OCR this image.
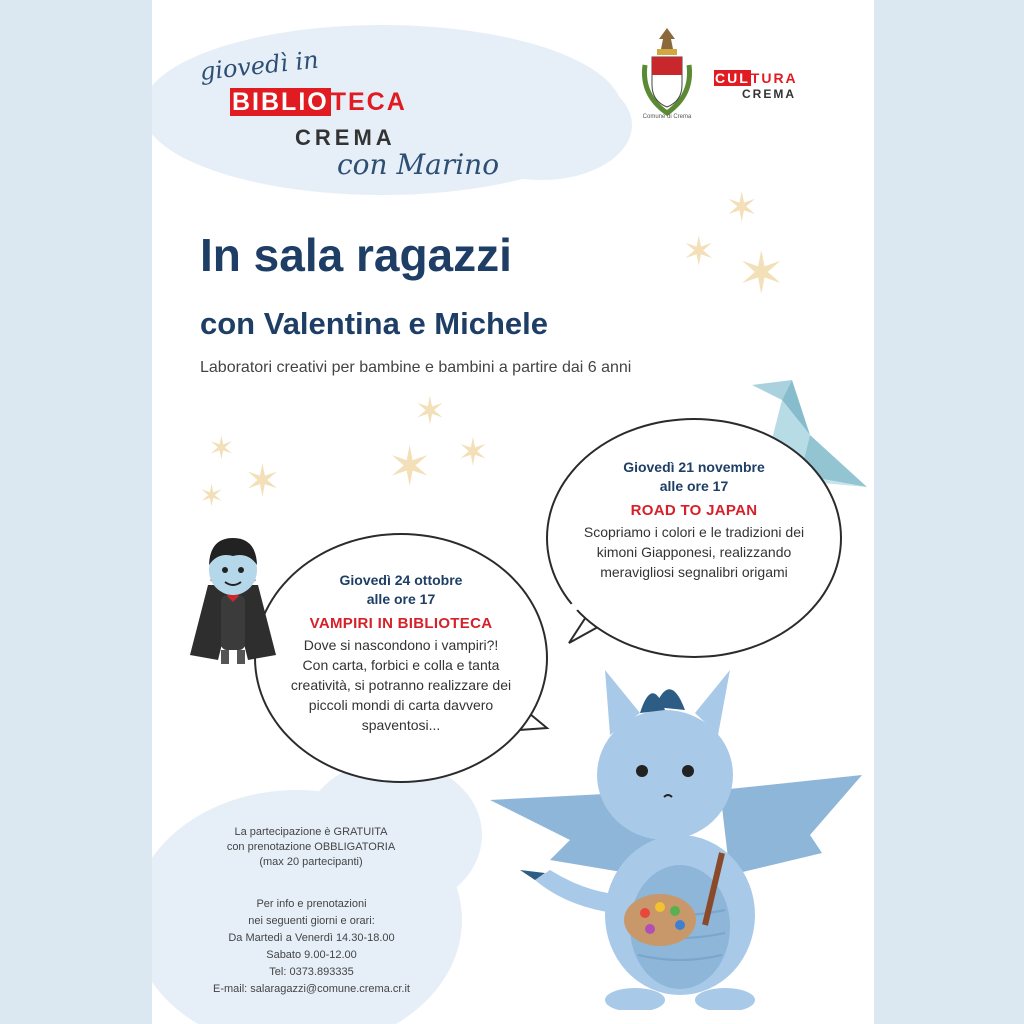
giovedì in
BIBLIOTECA
CREMA
con Marino
Comune di Crema
CULTURA
CREMA
✶
✶ ✶
✶
✶	✶ ✶
✶
✶
In sala ragazzi
con Valentina e Michele
Laboratori creativi per bambine e bambini a partire dai 6 anni
Giovedì 21 novembre
alle ore 17
ROAD TO JAPAN
Scopriamo i colori e le tradizioni dei
kimoni Giapponesi, realizzando
meravigliosi segnalibri origami
Giovedì 24 ottobre
alle ore 17
VAMPIRI IN BIBLIOTECA
Dove si nascondono i vampiri?!
Con carta, forbici e colla e tanta
creatività, si potranno realizzare dei
piccoli mondi di carta davvero
spaventosi...
La partecipazione è GRATUITA
con prenotazione OBBLIGATORIA
(max 20 partecipanti)
Per info e prenotazioni
nei seguenti giorni e orari:
Da Martedì a Venerdì 14.30-18.00
Sabato 9.00-12.00
Tel: 0373.893335
E-mail: salaragazzi@comune.crema.cr.it
